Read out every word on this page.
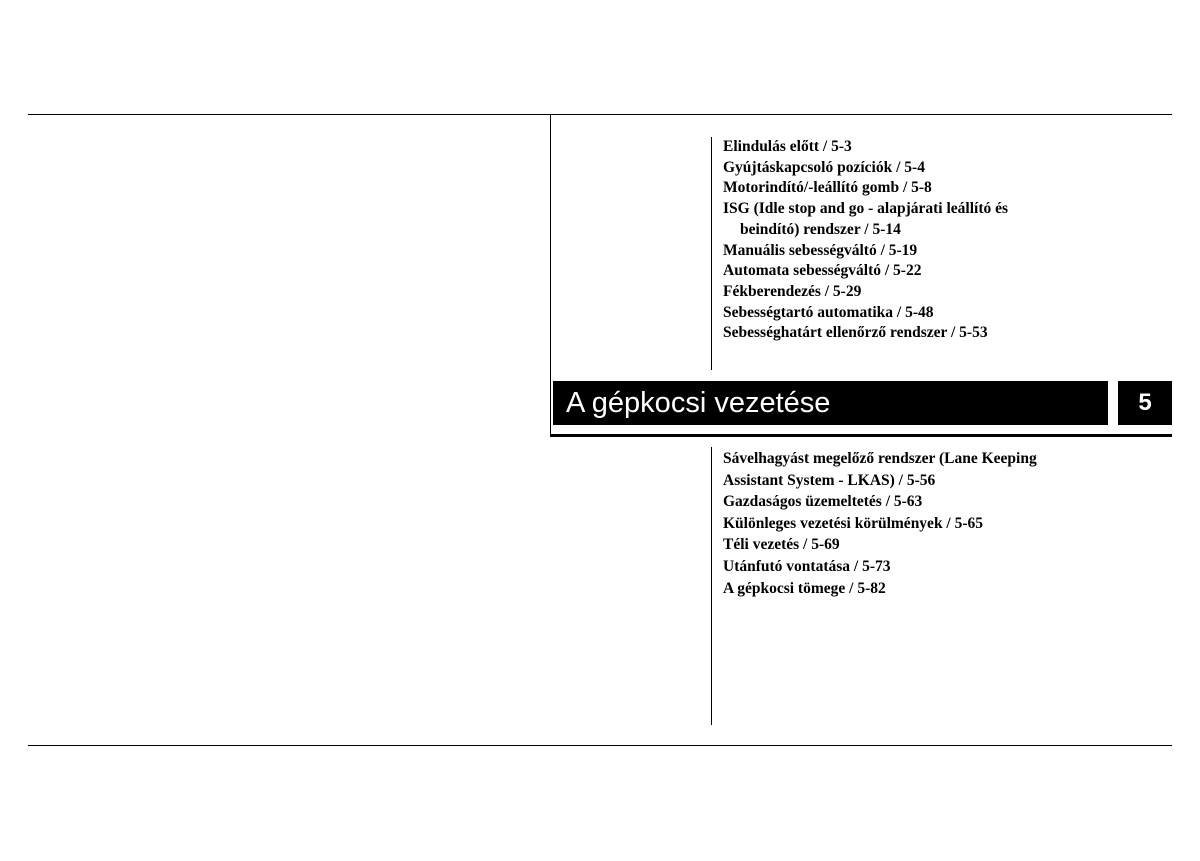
Elindulás előtt / 5-3
Gyújtáskapcsoló pozíciók / 5-4
Motorindító/-leállító gomb / 5-8
ISG (Idle stop and go - alapjárati leállító és
beindító) rendszer / 5-14
Manuális sebességváltó / 5-19
Automata sebességváltó / 5-22
Fékberendezés / 5-29
Sebességtartó automatika / 5-48
Sebességhatárt ellenőrző rendszer / 5-53
A gépkocsi vezetése	5
Sávelhagyást megelőző rendszer (Lane Keeping
Assistant System - LKAS) / 5-56
Gazdaságos üzemeltetés / 5-63
Különleges vezetési körülmények / 5-65
Téli vezetés / 5-69
Utánfutó vontatása / 5-73
A gépkocsi tömege / 5-82
